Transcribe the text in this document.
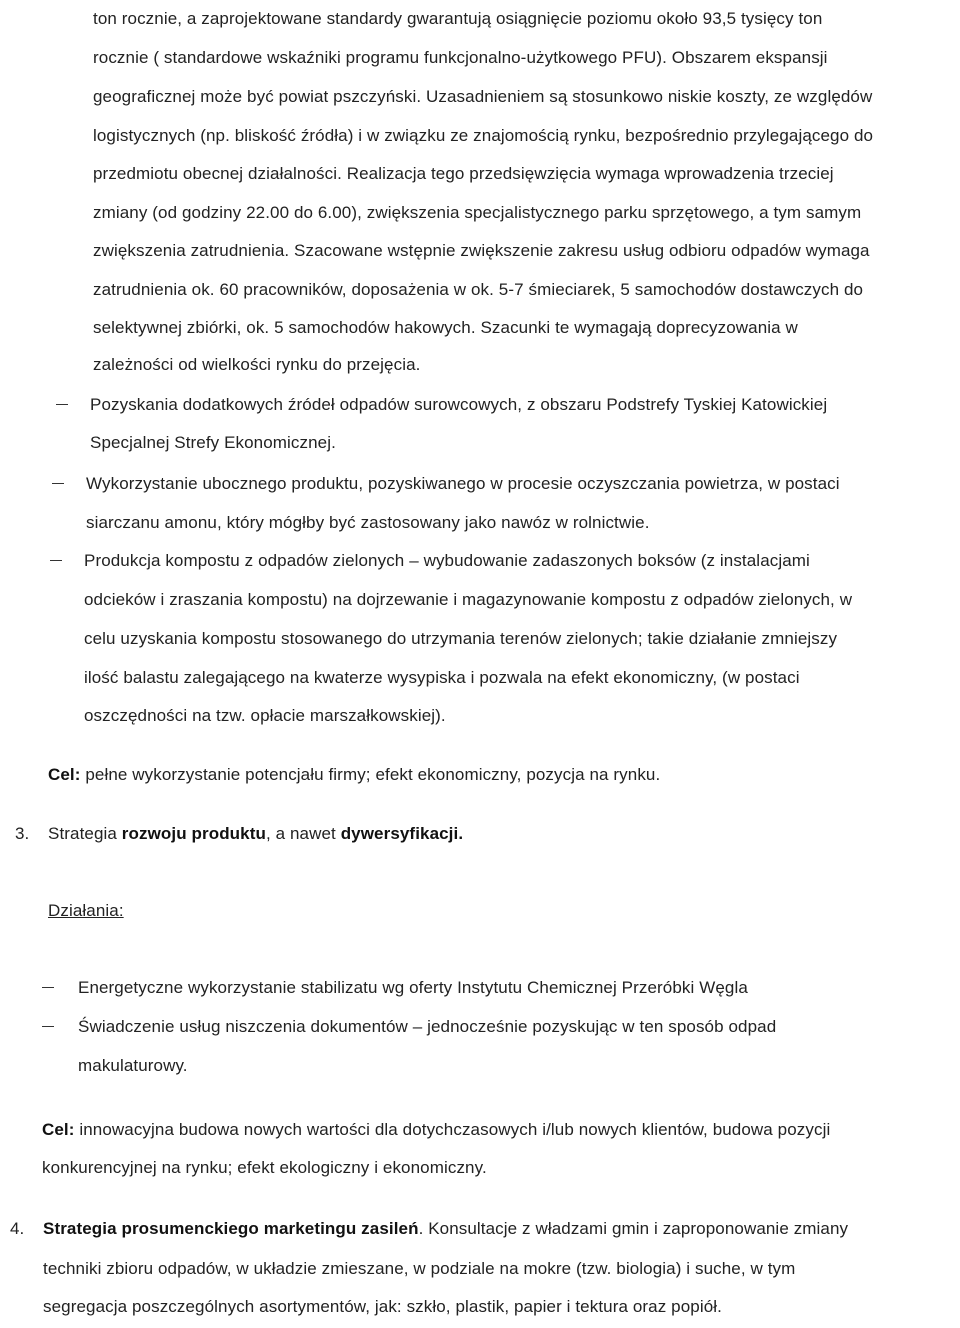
ton rocznie, a zaprojektowane standardy gwarantują osiągnięcie poziomu około 93,5 tysięcy ton
rocznie ( standardowe wskaźniki programu funkcjonalno-użytkowego PFU). Obszarem ekspansji
geograficznej może być powiat pszczyński. Uzasadnieniem są stosunkowo niskie koszty, ze względów
logistycznych (np. bliskość źródła) i w związku ze znajomością rynku, bezpośrednio przylegającego do
przedmiotu obecnej działalności. Realizacja tego przedsięwzięcia wymaga wprowadzenia trzeciej
zmiany (od godziny 22.00 do 6.00), zwiększenia specjalistycznego parku sprzętowego, a tym samym
zwiększenia zatrudnienia. Szacowane wstępnie zwiększenie zakresu usług odbioru odpadów wymaga
zatrudnienia ok. 60 pracowników, doposażenia w ok. 5-7 śmieciarek, 5 samochodów dostawczych do
selektywnej zbiórki, ok. 5 samochodów hakowych. Szacunki te wymagają doprecyzowania w
zależności od wielkości rynku do przejęcia.
Pozyskania dodatkowych źródeł odpadów surowcowych, z obszaru Podstrefy Tyskiej Katowickiej
Specjalnej Strefy Ekonomicznej.
Wykorzystanie ubocznego produktu, pozyskiwanego w procesie oczyszczania powietrza, w postaci
siarczanu amonu, który mógłby być zastosowany jako nawóz w rolnictwie.
Produkcja kompostu z odpadów zielonych – wybudowanie zadaszonych boksów (z instalacjami
odcieków i zraszania kompostu) na dojrzewanie i magazynowanie kompostu z odpadów zielonych, w
celu uzyskania kompostu stosowanego do utrzymania terenów zielonych; takie działanie zmniejszy
ilość balastu zalegającego na kwaterze wysypiska i pozwala na efekt ekonomiczny, (w postaci
oszczędności na tzw. opłacie marszałkowskiej).
Cel: pełne wykorzystanie potencjału firmy; efekt ekonomiczny, pozycja na rynku.
3. Strategia rozwoju produktu, a nawet dywersyfikacji.
Działania:
Energetyczne wykorzystanie stabilizatu wg oferty Instytutu Chemicznej Przeróbki Węgla
Świadczenie usług niszczenia dokumentów – jednocześnie pozyskując w ten sposób odpad
makulaturowy.
Cel: innowacyjna budowa nowych wartości dla dotychczasowych i/lub nowych klientów, budowa pozycji
konkurencyjnej na rynku; efekt ekologiczny i ekonomiczny.
4. Strategia prosumenckiego marketingu zasileń. Konsultacje z władzami gmin i zaproponowanie zmiany
techniki zbioru odpadów, w układzie zmieszane, w podziale na mokre (tzw. biologia) i suche, w tym
segregacja poszczególnych asortymentów, jak: szkło, plastik, papier i tektura oraz popiół.
